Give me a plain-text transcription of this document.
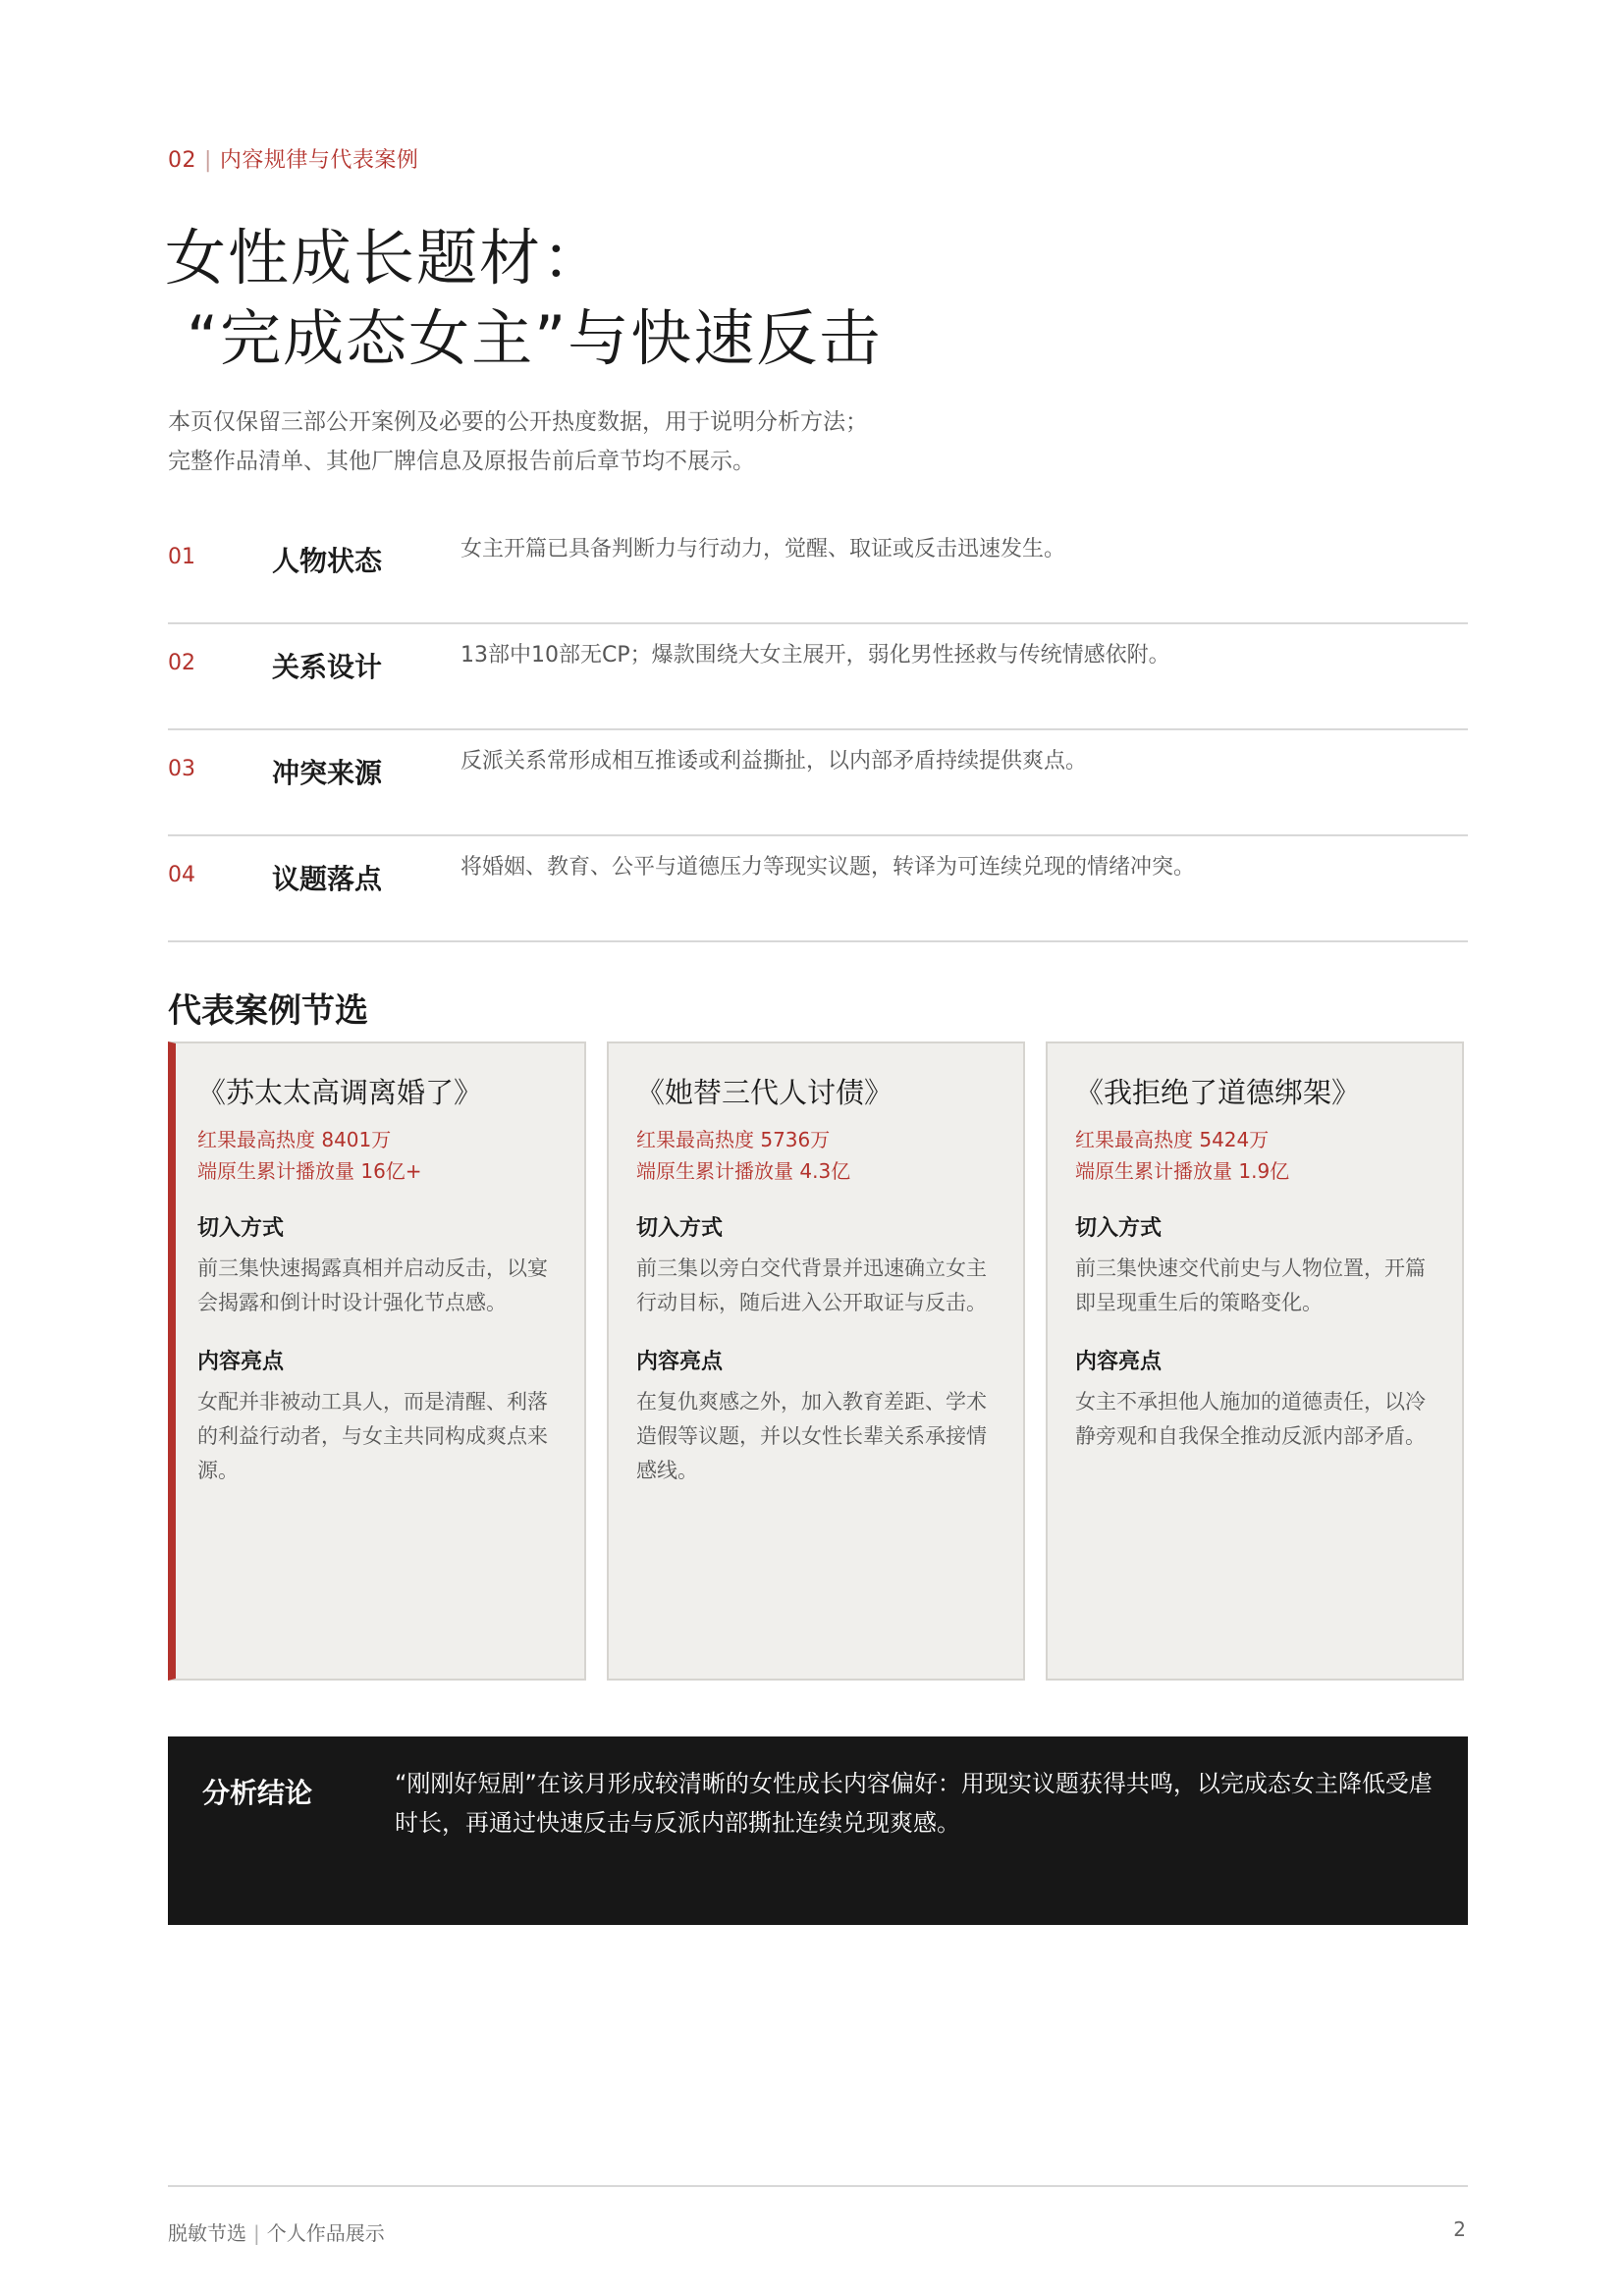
02 | 内容规律与代表案例
女性成长题材：
“完成态女主”与快速反击

本页仅保留三部公开案例及必要的公开热度数据，用于说明分析方法；

完整作品清单、其他厂牌信息及原报告前后章节均不展示。

01	人物状态	女主开篇已具备判断力与行动力，觉醒、取证或反击迅速发生。
02	关系设计	13部中10部无CP；爆款围绕大女主展开，弱化男性拯救与传统情感依附。
03	冲突来源	反派关系常形成相互推诿或利益撕扯，以内部矛盾持续提供爽点。
04	议题落点	将婚姻、教育、公平与道德压力等现实议题，转译为可连续兑现的情绪冲突。
代表案例节选

《苏太太高调离婚了》

红果最高热度 8401万

端原生累计播放量 16亿+

切入方式

前三集快速揭露真相并启动反击，以宴会揭露和倒计时设计强化节点感。

内容亮点

女配并非被动工具人，而是清醒、利落的利益行动者，与女主共同构成爽点来源。

《她替三代人讨债》

红果最高热度 5736万

端原生累计播放量 4.3亿

切入方式

前三集以旁白交代背景并迅速确立女主行动目标，随后进入公开取证与反击。

内容亮点

在复仇爽感之外，加入教育差距、学术造假等议题，并以女性长辈关系承接情感线。

《我拒绝了道德绑架》

红果最高热度 5424万

端原生累计播放量 1.9亿

切入方式

前三集快速交代前史与人物位置，开篇即呈现重生后的策略变化。

内容亮点

女主不承担他人施加的道德责任，以冷静旁观和自我保全推动反派内部矛盾。

分析结论	“刚刚好短剧”在该月形成较清晰的女性成长内容偏好：用现实议题获得共鸣，以完成态女主降低受虐时长，再通过快速反击与反派内部撕扯连续兑现爽感。
脱敏节选 | 个人作品展示	2
